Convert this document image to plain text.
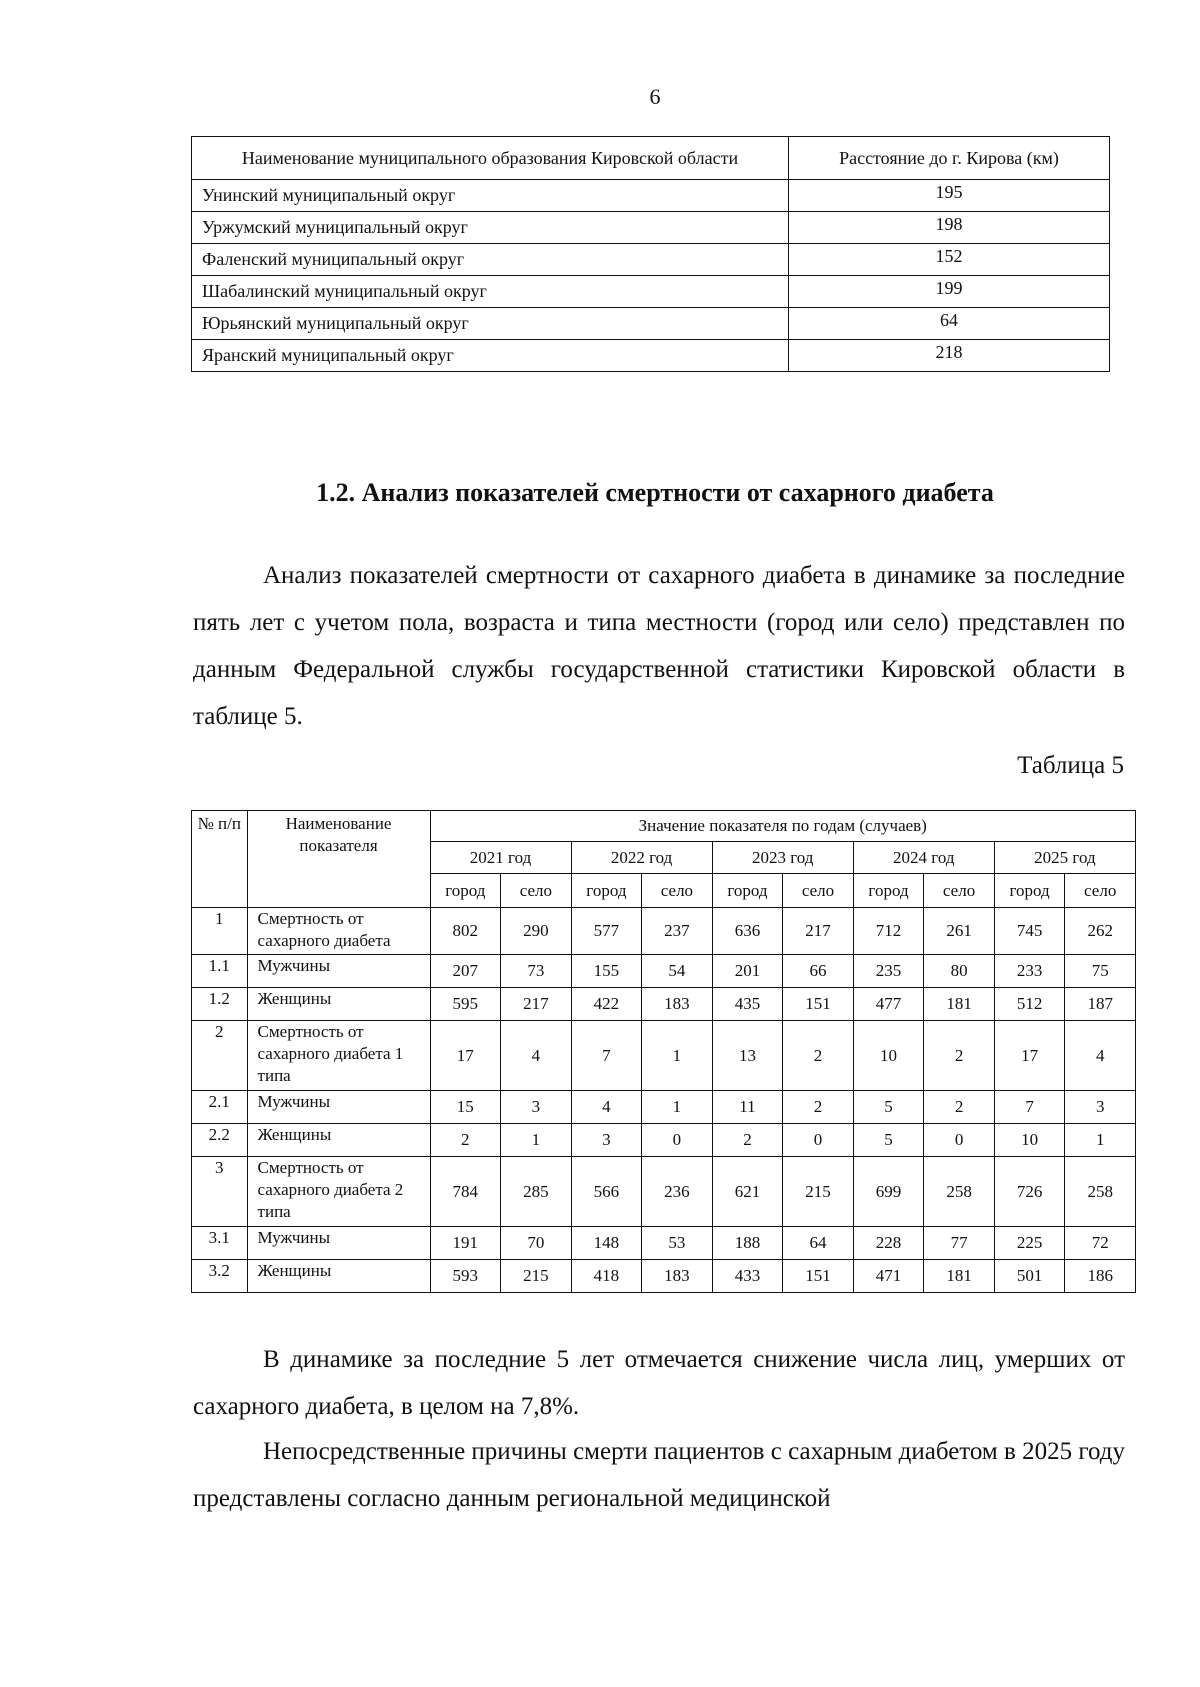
6
Наименование муниципального образования Кировской области	Расстояние до г. Кирова (км)
Унинский муниципальный округ	195
Уржумский муниципальный округ	198
Фаленский муниципальный округ	152
Шабалинский муниципальный округ	199
Юрьянский муниципальный округ	64
Яранский муниципальный округ	218
1.2. Анализ показателей смертности от сахарного диабета

Анализ показателей смертности от сахарного диабета в динамике за последние пять лет с учетом пола, возраста и типа местности (город или село) представлен по данным Федеральной службы государственной статистики Кировской области в таблице 5.

Таблица 5
№ п/п	Наименование показателя	Значение показателя по годам (случаев)									
		2021 год		2022 год		2023 год		2024 год		2025 год	
		город	село	город	село	город	село	город	село	город	село
1	Смертность от сахарного диабета	802	290	577	237	636	217	712	261	745	262
1.1	Мужчины	207	73	155	54	201	66	235	80	233	75
1.2	Женщины	595	217	422	183	435	151	477	181	512	187
2	Смертность от сахарного диабета 1 типа	17	4	7	1	13	2	10	2	17	4
2.1	Мужчины	15	3	4	1	11	2	5	2	7	3
2.2	Женщины	2	1	3	0	2	0	5	0	10	1
3	Смертность от сахарного диабета 2 типа	784	285	566	236	621	215	699	258	726	258
3.1	Мужчины	191	70	148	53	188	64	228	77	225	72
3.2	Женщины	593	215	418	183	433	151	471	181	501	186

В динамике за последние 5 лет отмечается снижение числа лиц, умерших от сахарного диабета, в целом на 7,8%.

Непосредственные причины смерти пациентов с сахарным диабетом в 2025 году представлены согласно данным региональной медицинской
